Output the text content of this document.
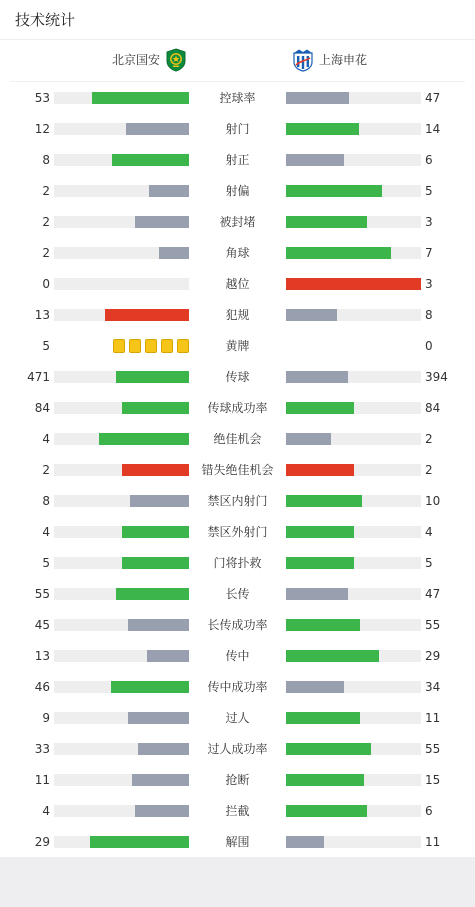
技术统计
北京国安	上海申花
53	控球率	47
12	射门	14
8	射正	6
2	射偏	5
2	被封堵	3
2	角球	7
0	越位	3
13	犯规	8
5	黄牌	0
471	传球	394
84	传球成功率	84
4	绝佳机会	2
2	错失绝佳机会	2
8	禁区内射门	10
4	禁区外射门	4
5	门将扑救	5
55	长传	47
45	长传成功率	55
13	传中	29
46	传中成功率	34
9	过人	11
33	过人成功率	55
11	抢断	15
4	拦截	6
29	解围	11
